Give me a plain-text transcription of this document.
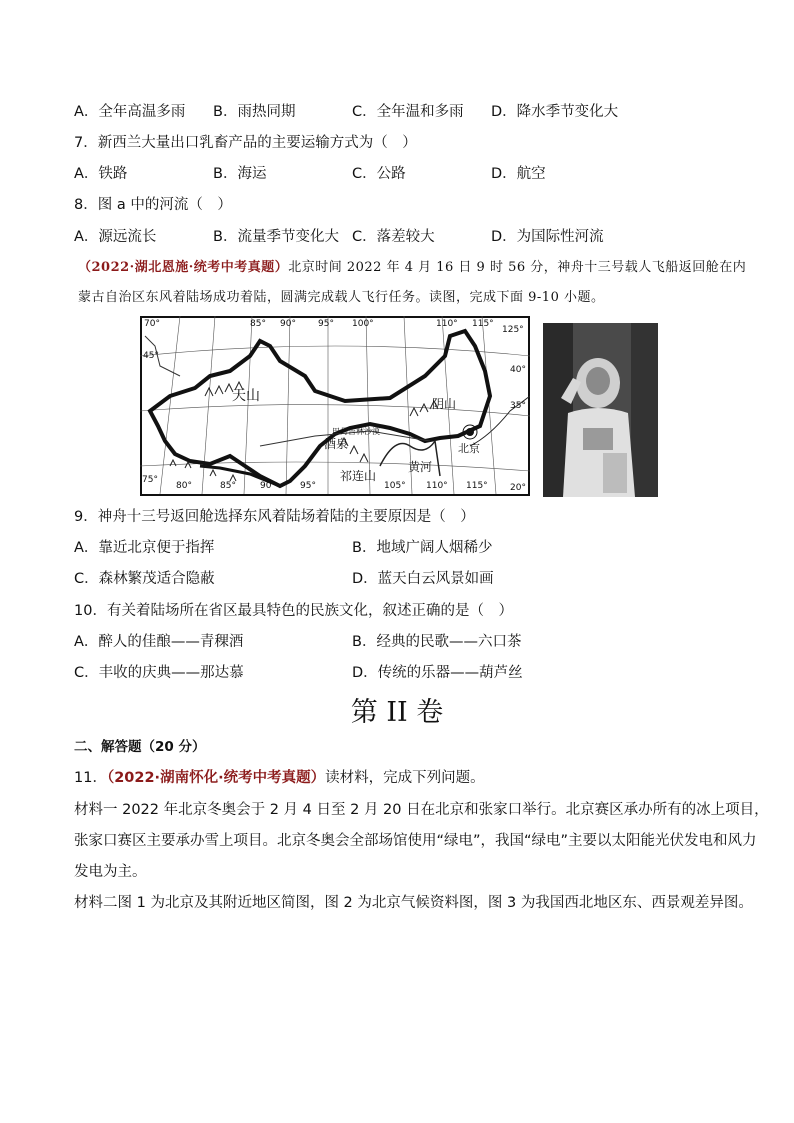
A．全年高温多雨 B．雨热同期	C．全年温和多雨 D．降水季节变化大
7．新西兰大量出口乳畜产品的主要运输方式为（　）
A．铁路	B．海运	C．公路	D．航空
8．图 a 中的河流（　）
A．源远流长	B．流量季节变化大 C．落差较大	D．为国际性河流
（2022·湖北恩施·统考中考真题）北京时间 2022 年 4 月 16 日 9 时 56 分，神舟十三号载人飞船返回舱在内
蒙古自治区东风着陆场成功着陆，圆满完成载人飞行任务。读图，完成下面 9-10 小题。
70°	85° 90° 95° 100°	110° 115°
125°
75°
80°	85°	90°	95°	105° 110° 115°
45°
40°
35°
20°
天山	阴山
酒泉
巴丹吉林沙漠
祁连山
北京
黄河
9．神舟十三号返回舱选择东风着陆场着陆的主要原因是（　）
A．靠近北京便于指挥	B．地域广阔人烟稀少
C．森林繁茂适合隐蔽	D．蓝天白云风景如画
10．有关着陆场所在省区最具特色的民族文化，叙述正确的是（　）
A．醉人的佳酿——青稞酒	B．经典的民歌——六口茶
C．丰收的庆典——那达慕	D．传统的乐器——葫芦丝
第 II 卷
二、解答题（20 分）
11．（2022·湖南怀化·统考中考真题）读材料，完成下列问题。
材料一 2022 年北京冬奥会于 2 月 4 日至 2 月 20 日在北京和张家口举行。北京赛区承办所有的冰上项目，
张家口赛区主要承办雪上项目。北京冬奥会全部场馆使用“绿电”，我国“绿电”主要以太阳能光伏发电和风力
发电为主。
材料二图 1 为北京及其附近地区简图，图 2 为北京气候资料图，图 3 为我国西北地区东、西景观差异图。
